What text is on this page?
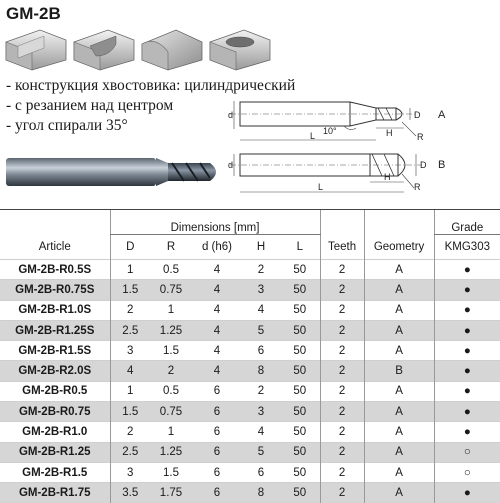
GM-2B
- конструкция хвостовика: цилиндрический
- с резанием над центром
- угол спирали 35°
d	D
L 10°	H	R
A
d	D
L
H
R
B
Article	Dimensions [mm]					Teeth	Geometry	Grade
	D	R	d (h6)	H	L			KMG303
GM-2B-R0.5S	1	0.5	4	2	50	2	A	●
GM-2B-R0.75S	1.5	0.75	4	3	50	2	A	●
GM-2B-R1.0S	2	1	4	4	50	2	A	●
GM-2B-R1.25S	2.5	1.25	4	5	50	2	A	●
GM-2B-R1.5S	3	1.5	4	6	50	2	A	●
GM-2B-R2.0S	4	2	4	8	50	2	B	●
GM-2B-R0.5	1	0.5	6	2	50	2	A	●
GM-2B-R0.75	1.5	0.75	6	3	50	2	A	●
GM-2B-R1.0	2	1	6	4	50	2	A	●
GM-2B-R1.25	2.5	1.25	6	5	50	2	A	○
GM-2B-R1.5	3	1.5	6	6	50	2	A	○
GM-2B-R1.75	3.5	1.75	6	8	50	2	A	●
